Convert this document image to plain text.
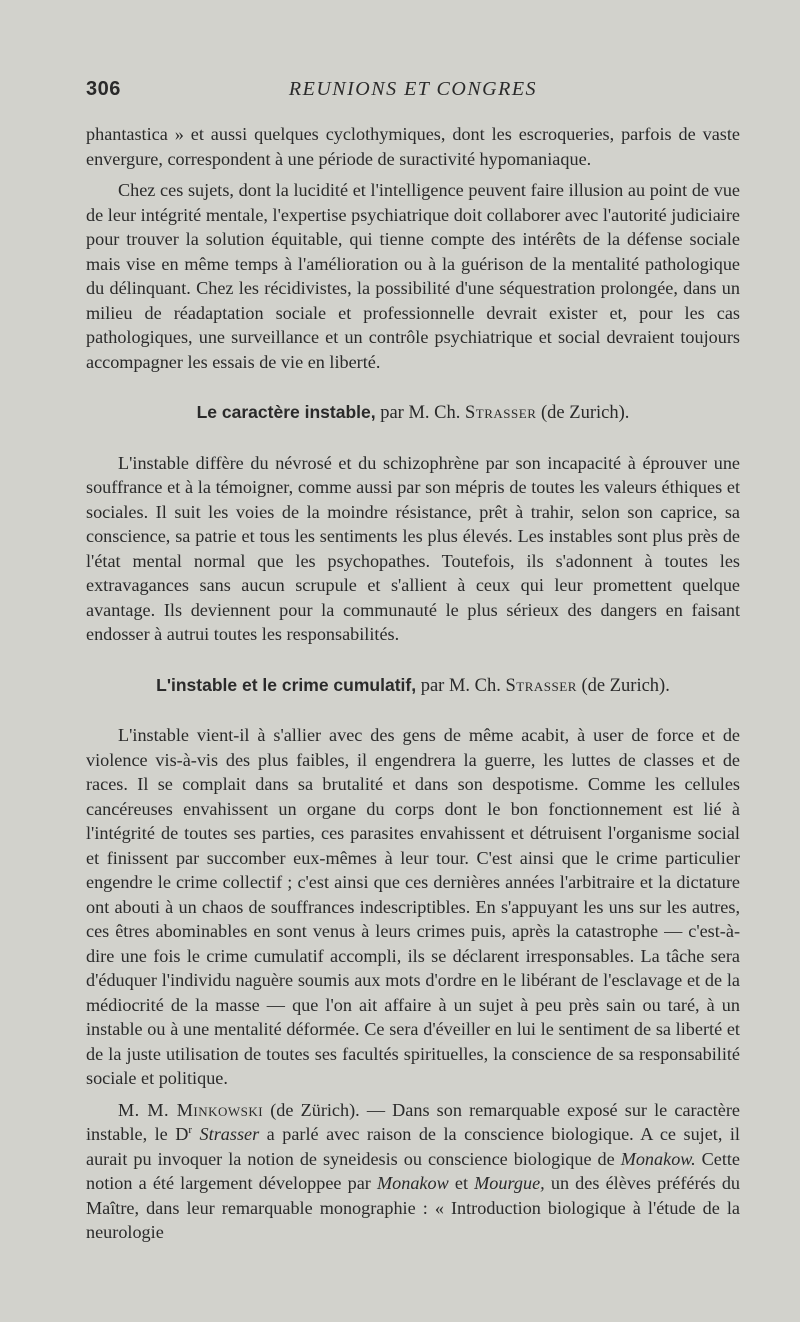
306	REUNIONS ET CONGRES

phantastica » et aussi quelques cyclothymiques, dont les escroqueries, parfois de vaste envergure, correspondent à une période de suractivité hypomaniaque.

Chez ces sujets, dont la lucidité et l'intelligence peuvent faire illusion au point de vue de leur intégrité mentale, l'expertise psychiatrique doit collaborer avec l'autorité judiciaire pour trouver la solution équitable, qui tienne compte des intérêts de la défense sociale mais vise en même temps à l'amélioration ou à la guérison de la mentalité pathologique du délinquant. Chez les récidivistes, la possibilité d'une séquestration prolongée, dans un milieu de réadaptation sociale et professionnelle devrait exister et, pour les cas pathologiques, une surveillance et un contrôle psychiatrique et social devraient toujours accompagner les essais de vie en liberté.

Le caractère instable, par M. Ch. Strasser (de Zurich).

L'instable diffère du névrosé et du schizophrène par son incapacité à éprouver une souffrance et à la témoigner, comme aussi par son mépris de toutes les valeurs éthiques et sociales. Il suit les voies de la moindre résistance, prêt à trahir, selon son caprice, sa conscience, sa patrie et tous les sentiments les plus élevés. Les instables sont plus près de l'état mental normal que les psychopathes. Toutefois, ils s'adonnent à toutes les extravagances sans aucun scrupule et s'allient à ceux qui leur promettent quelque avantage. Ils deviennent pour la communauté le plus sérieux des dangers en faisant endosser à autrui toutes les responsabilités.

L'instable et le crime cumulatif, par M. Ch. Strasser (de Zurich).

L'instable vient-il à s'allier avec des gens de même acabit, à user de force et de violence vis-à-vis des plus faibles, il engendrera la guerre, les luttes de classes et de races. Il se complait dans sa brutalité et dans son despotisme. Comme les cellules cancéreuses envahissent un organe du corps dont le bon fonctionnement est lié à l'intégrité de toutes ses parties, ces parasites envahissent et détruisent l'organisme social et finissent par succomber eux-mêmes à leur tour. C'est ainsi que le crime particulier engendre le crime collectif ; c'est ainsi que ces dernières années l'arbitraire et la dictature ont abouti à un chaos de souffrances indescriptibles. En s'appuyant les uns sur les autres, ces êtres abominables en sont venus à leurs crimes puis, après la catastrophe — c'est-à-dire une fois le crime cumulatif accompli, ils se déclarent irresponsables. La tâche sera d'éduquer l'individu naguère soumis aux mots d'ordre en le libérant de l'esclavage et de la médiocrité de la masse — que l'on ait affaire à un sujet à peu près sain ou taré, à un instable ou à une mentalité déformée. Ce sera d'éveiller en lui le sentiment de sa liberté et de la juste utilisation de toutes ses facultés spirituelles, la conscience de sa responsabilité sociale et politique.

M. M. Minkowski (de Zürich). — Dans son remarquable exposé sur le caractère instable, le $D^r$ Strasser a parlé avec raison de la conscience biologique. A ce sujet, il aurait pu invoquer la notion de syneidesis ou conscience biologique de Monakow. Cette notion a été largement développee par Monakow et Mourgue, un des élèves préférés du Maître, dans leur remarquable monographie : « Introduction biologique à l'étude de la neurologie
